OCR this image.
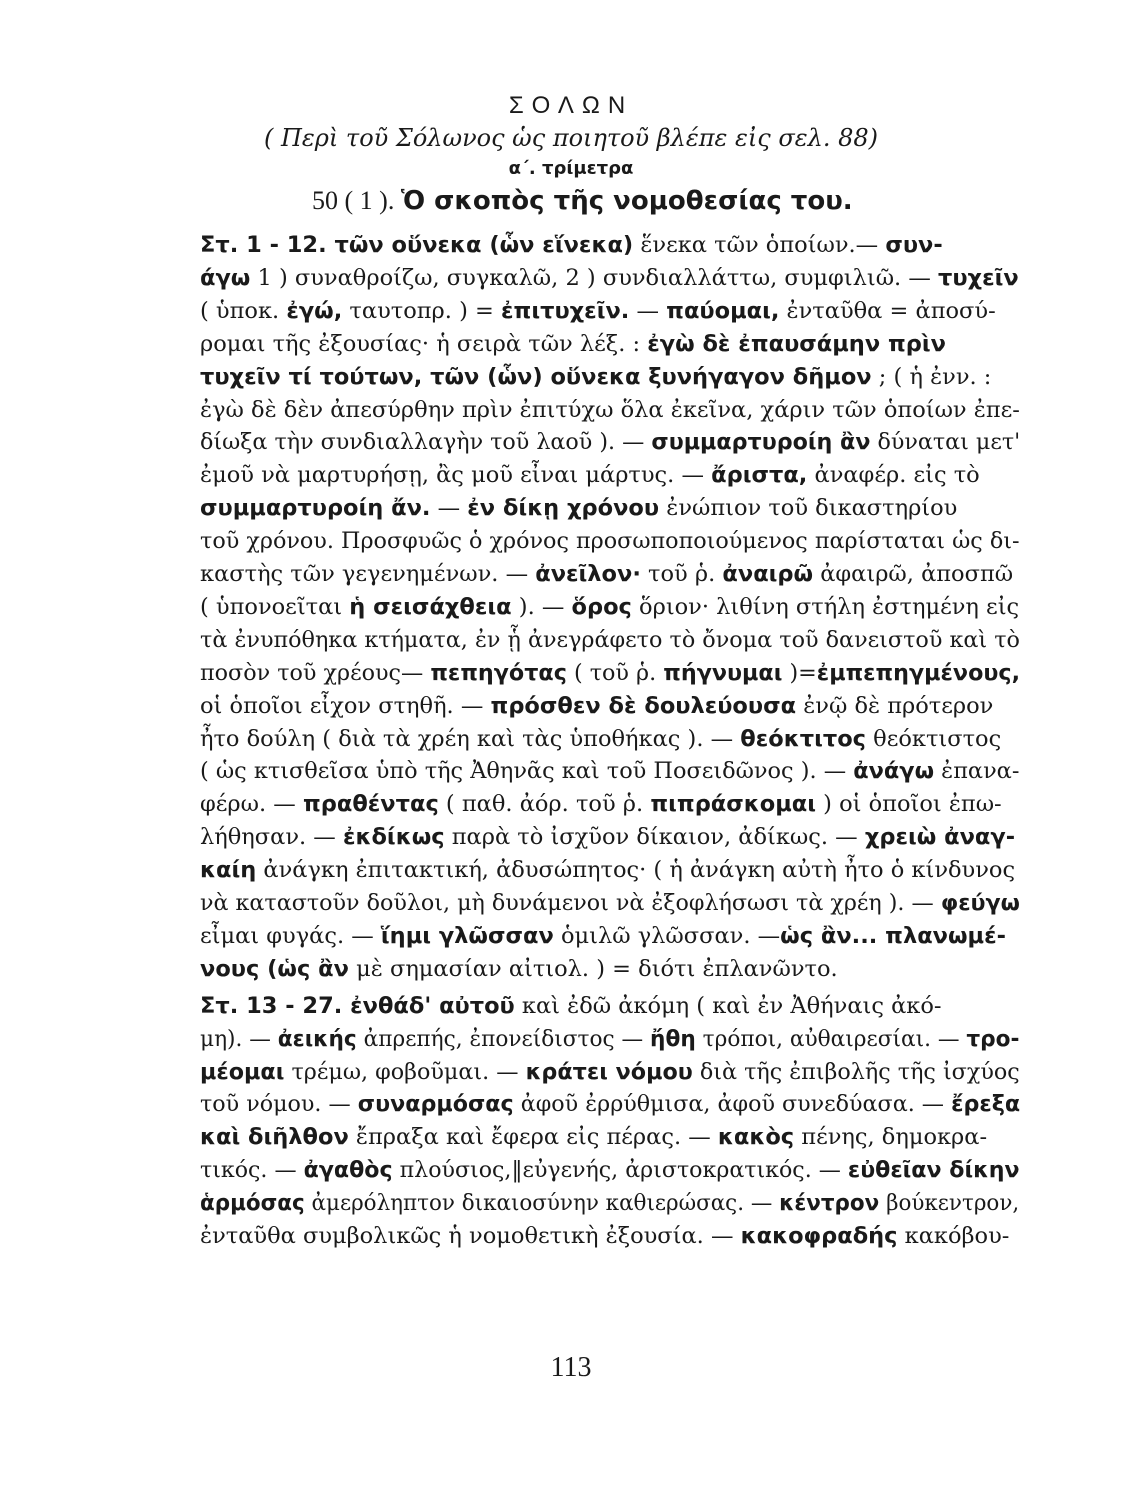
ΣΟΛΩΝ
( Περὶ τοῦ Σόλωνος ὡς ποιητοῦ βλέπε εἰς σελ. 88)
α΄. τρίμετρα
50 ( 1 ). Ὁ σκοπὸς τῆς νομοθεσίας του.
Στ. 1 - 12. τῶν οὕνεκα (ὧν εἵνεκα) ἕνεκα τῶν ὁποίων.— συν-
άγω 1 ) συναθροίζω, συγκαλῶ, 2 ) συνδιαλλάττω, συμφιλιῶ. — τυχεῖν
( ὑποκ. ἐγώ, ταυτοπρ. ) = ἐπιτυχεῖν. — παύομαι, ἐνταῦθα = ἀποσύ-
ρομαι τῆς ἐξουσίας· ἡ σειρὰ τῶν λέξ. : ἐγὼ δὲ ἐπαυσάμην πρὶν
τυχεῖν τί τούτων, τῶν (ὧν) οὕνεκα ξυνήγαγον δῆμον ; ( ἡ ἐνν. :
ἐγὼ δὲ δὲν ἀπεσύρθην πρὶν ἐπιτύχω ὅλα ἐκεῖνα, χάριν τῶν ὁποίων ἐπε-
δίωξα τὴν συνδιαλλαγὴν τοῦ λαοῦ ). — συμμαρτυροίη ἂν δύναται μετ'
ἐμοῦ νὰ μαρτυρήσῃ, ἂς μοῦ εἶναι μάρτυς. — ἄριστα, ἀναφέρ. εἰς τὸ
συμμαρτυροίη ἄν. — ἐν δίκῃ χρόνου ἐνώπιον τοῦ δικαστηρίου
τοῦ χρόνου. Προσφυῶς ὁ χρόνος προσωποποιούμενος παρίσταται ὡς δι-
καστὴς τῶν γεγενημένων. — ἀνεῖλον· τοῦ ῥ. ἀναιρῶ ἀφαιρῶ, ἀποσπῶ
( ὑπονοεῖται ἡ σεισάχθεια ). — ὅρος ὅριον· λιθίνη στήλη ἐστημένη εἰς
τὰ ἐνυπόθηκα κτήματα, ἐν ᾗ ἀνεγράφετο τὸ ὄνομα τοῦ δανειστοῦ καὶ τὸ
ποσὸν τοῦ χρέους— πεπηγότας ( τοῦ ῥ. πήγνυμαι )=ἐμπεπηγμένους,
οἱ ὁποῖοι εἶχον στηθῆ. — πρόσθεν δὲ δουλεύουσα ἐνῷ δὲ πρότερον
ἦτο δούλη ( διὰ τὰ χρέη καὶ τὰς ὑποθήκας ). — θεόκτιτος θεόκτιστος
( ὡς κτισθεῖσα ὑπὸ τῆς Ἀθηνᾶς καὶ τοῦ Ποσειδῶνος ). — ἀνάγω ἐπανα-
φέρω. — πραθέντας ( παθ. ἀόρ. τοῦ ῥ. πιπράσκομαι ) οἱ ὁποῖοι ἐπω-
λήθησαν. — ἐκδίκως παρὰ τὸ ἰσχῦον δίκαιον, ἀδίκως. — χρειὼ ἀναγ-
καίη ἀνάγκη ἐπιτακτική, ἀδυσώπητος· ( ἡ ἀνάγκη αὐτὴ ἦτο ὁ κίνδυνος
νὰ καταστοῦν δοῦλοι, μὴ δυνάμενοι νὰ ἐξοφλήσωσι τὰ χρέη ). — φεύγω
εἶμαι φυγάς. — ἵημι γλῶσσαν ὁμιλῶ γλῶσσαν. —ὡς ἂν... πλανωμέ-
νους (ὡς ἂν μὲ σημασίαν αἰτιολ. ) = διότι ἐπλανῶντο.
Στ. 13 - 27. ἐνθάδ' αὐτοῦ καὶ ἐδῶ ἀκόμη ( καὶ ἐν Ἀθήναις ἀκό-
μη). — ἀεικής ἀπρεπής, ἐπονείδιστος — ἤθη τρόποι, αὐθαιρεσίαι. — τρο-
μέομαι τρέμω, φοβοῦμαι. — κράτει νόμου διὰ τῆς ἐπιβολῆς τῆς ἰσχύος
τοῦ νόμου. — συναρμόσας ἀφοῦ ἐρρύθμισα, ἀφοῦ συνεδύασα. — ἔρεξα
καὶ διῆλθον ἔπραξα καὶ ἔφερα εἰς πέρας. — κακὸς πένης, δημοκρα-
τικός. — ἀγαθὸς πλούσιος,‖εὐγενής, ἀριστοκρατικός. — εὐθεῖαν δίκην
ἁρμόσας ἀμερόληπτον δικαιοσύνην καθιερώσας. — κέντρον βούκεντρον,
ἐνταῦθα συμβολικῶς ἡ νομοθετικὴ ἐξουσία. — κακοφραδής κακόβου-
113
